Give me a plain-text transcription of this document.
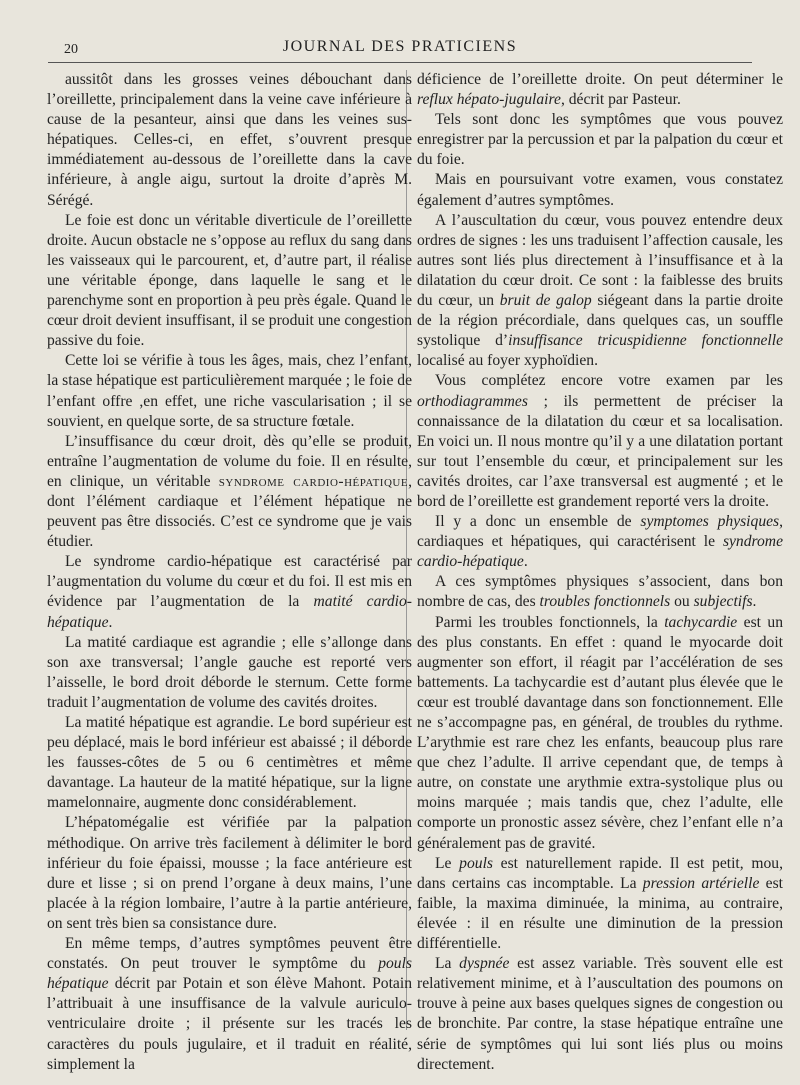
20	JOURNAL DES PRATICIENS

aussitôt dans les grosses veines débouchant dans l’oreillette, principalement dans la veine cave inférieure à cause de la pesanteur, ainsi que dans les veines sus-hépatiques. Celles-ci, en effet, s’ouvrent presque immédiatement au-dessous de l’oreillette dans la cave inférieure, à angle aigu, surtout la droite d’après M. Sérégé.

Le foie est donc un véritable diverticule de l’oreillette droite. Aucun obstacle ne s’oppose au reflux du sang dans les vaisseaux qui le parcourent, et, d’autre part, il réalise une véritable éponge, dans laquelle le sang et le parenchyme sont en proportion à peu près égale. Quand le cœur droit devient insuffisant, il se produit une congestion passive du foie.

Cette loi se vérifie à tous les âges, mais, chez l’enfant, la stase hépatique est particulièrement marquée ; le foie de l’enfant offre ,en effet, une riche vascularisation ; il se souvient, en quelque sorte, de sa structure fœtale.

L’insuffisance du cœur droit, dès qu’elle se produit, entraîne l’augmentation de volume du foie. Il en résulte, en clinique, un véritable syndrome cardio-hépatique, dont l’élément cardiaque et l’élément hépatique ne peuvent pas être dissociés. C’est ce syndrome que je vais étudier.

Le syndrome cardio-hépatique est caractérisé par l’augmentation du volume du cœur et du foi. Il est mis en évidence par l’augmentation de la matité cardio-hépatique.

La matité cardiaque est agrandie ; elle s’allonge dans son axe transversal; l’angle gauche est reporté vers l’aisselle, le bord droit déborde le sternum. Cette forme traduit l’augmentation de volume des cavités droites.

La matité hépatique est agrandie. Le bord supérieur est peu déplacé, mais le bord inférieur est abaissé ; il déborde les fausses-côtes de 5 ou 6 centimètres et même davantage. La hauteur de la matité hépatique, sur la ligne mamelonnaire, augmente donc considérablement.

L’hépatomégalie est vérifiée par la palpation méthodique. On arrive très facilement à délimiter le bord inférieur du foie épaissi, mousse ; la face antérieure est dure et lisse ; si on prend l’organe à deux mains, l’une placée à la région lombaire, l’autre à la partie antérieure, on sent très bien sa consistance dure.

En même temps, d’autres symptômes peuvent être constatés. On peut trouver le symptôme du pouls hépatique décrit par Potain et son élève Mahont. Potain l’attribuait à une insuffisance de la valvule auriculo-ventriculaire droite ; il présente sur les tracés les caractères du pouls jugulaire, et il traduit en réalité, simplement la

déficience de l’oreillette droite. On peut déterminer le reflux hépato-jugulaire, décrit par Pasteur.

Tels sont donc les symptômes que vous pouvez enregistrer par la percussion et par la palpation du cœur et du foie.

Mais en poursuivant votre examen, vous constatez également d’autres symptômes.

A l’auscultation du cœur, vous pouvez entendre deux ordres de signes : les uns traduisent l’affection causale, les autres sont liés plus directement à l’insuffisance et à la dilatation du cœur droit. Ce sont : la faiblesse des bruits du cœur, un bruit de galop siégeant dans la partie droite de la région précordiale, dans quelques cas, un souffle systolique d’insuffisance tricuspidienne fonctionnelle localisé au foyer xyphoïdien.

Vous complétez encore votre examen par les orthodiagrammes ; ils permettent de préciser la connaissance de la dilatation du cœur et sa localisation. En voici un. Il nous montre qu’il y a une dilatation portant sur tout l’ensemble du cœur, et principalement sur les cavités droites, car l’axe transversal est augmenté ; et le bord de l’oreillette est grandement reporté vers la droite.

Il y a donc un ensemble de symptomes physiques, cardiaques et hépatiques, qui caractérisent le syndrome cardio-hépatique.

A ces symptômes physiques s’associent, dans bon nombre de cas, des troubles fonctionnels ou subjectifs.

Parmi les troubles fonctionnels, la tachycardie est un des plus constants. En effet : quand le myocarde doit augmenter son effort, il réagit par l’accélération de ses battements. La tachycardie est d’autant plus élevée que le cœur est troublé davantage dans son fonctionnement. Elle ne s’accompagne pas, en général, de troubles du rythme. L’arythmie est rare chez les enfants, beaucoup plus rare que chez l’adulte. Il arrive cependant que, de temps à autre, on constate une arythmie extra-systolique plus ou moins marquée ; mais tandis que, chez l’adulte, elle comporte un pronostic assez sévère, chez l’enfant elle n’a généralement pas de gravité.

Le pouls est naturellement rapide. Il est petit, mou, dans certains cas incomptable. La pression artérielle est faible, la maxima diminuée, la minima, au contraire, élevée : il en résulte une diminution de la pression différentielle.

La dyspnée est assez variable. Très souvent elle est relativement minime, et à l’auscultation des poumons on trouve à peine aux bases quelques signes de congestion ou de bronchite. Par contre, la stase hépatique entraîne une série de symptômes qui lui sont liés plus ou moins directement.
